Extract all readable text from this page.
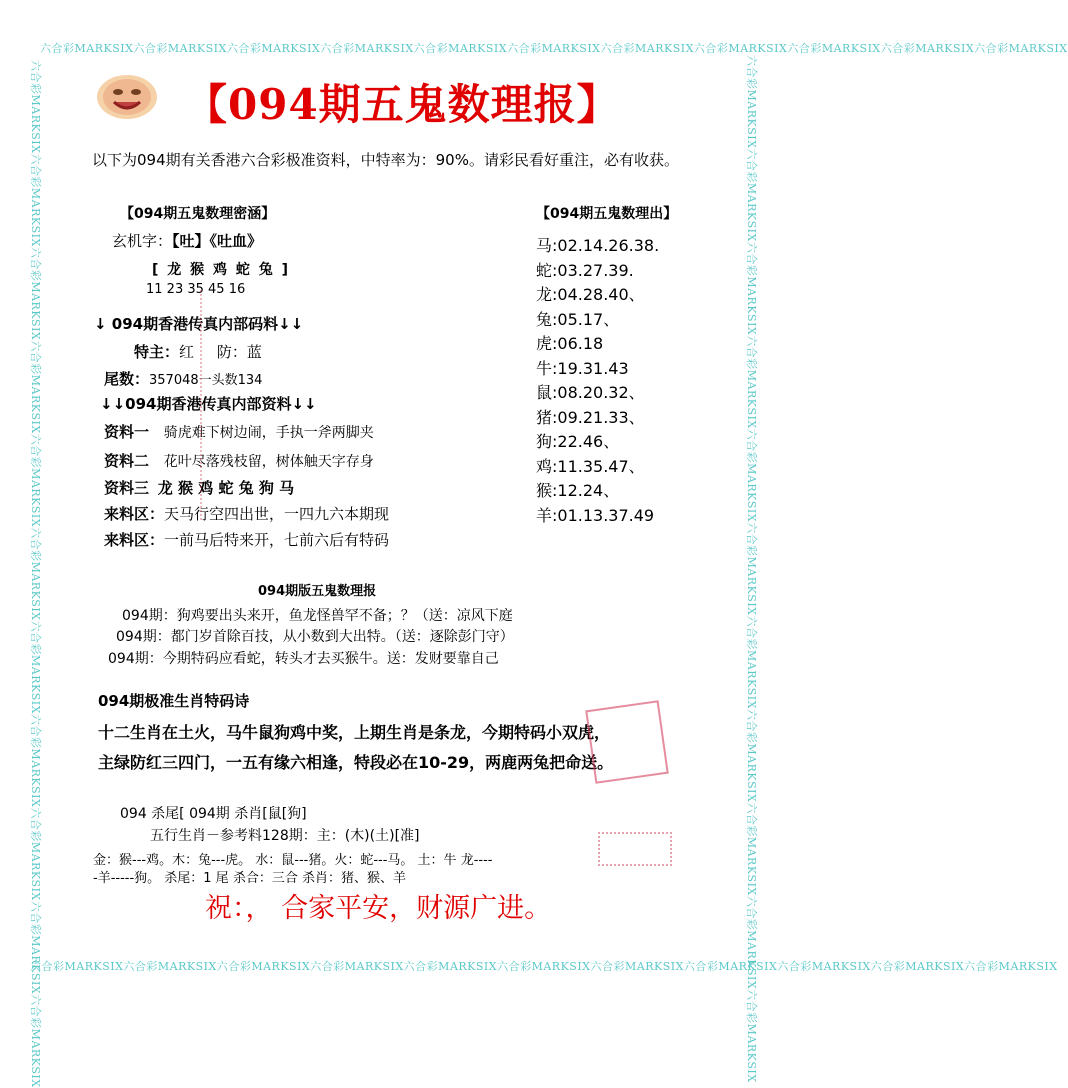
六合彩MARKSIX六合彩MARKSIX六合彩MARKSIX六合彩MARKSIX六合彩MARKSIX六合彩MARKSIX六合彩MARKSIX六合彩MARKSIX六合彩MARKSIX六合彩MARKSIX六合彩MARKSIX
六合彩MARKSIX六合彩MARKSIX六合彩MARKSIX六合彩MARKSIX六合彩MARKSIX六合彩MARKSIX六合彩MARKSIX六合彩MARKSIX六合彩MARKSIX六合彩MARKSIX六合彩MARKSIX
六合彩MARKSIX六合彩MARKSIX六合彩MARKSIX六合彩MARKSIX六合彩MARKSIX六合彩MARKSIX六合彩MARKSIX六合彩MARKSIX六合彩MARKSIX六合彩MARKSIX六合彩MARKSIX	六合彩MARKSIX六合彩MARKSIX六合彩MARKSIX六合彩MARKSIX六合彩MARKSIX六合彩MARKSIX六合彩MARKSIX六合彩MARKSIX六合彩MARKSIX六合彩MARKSIX六合彩MARKSIX
【094期五鬼数理报】
以下为094期有关香港六合彩极准资料，中特率为：90%。请彩民看好重注，必有收获。
【094期五鬼数理密涵】
玄机字：【吐】《吐血》
[ 龙 猴 鸡 蛇 兔 ]
11 23 35 45 16
↓ 094期香港传真内部码料↓↓
特主：红 防：蓝
尾数：357048一头数134
↓↓094期香港传真内部资料↓↓
资料一 骑虎难下树边闹，手执一斧两脚夹
资料二 花叶尽落残枝留，树体触天字存身
资料三 龙 猴 鸡 蛇 兔 狗 马
来料区：天马行空四出世，一四九六本期现
来料区：一前马后特来开，七前六后有特码
【094期五鬼数理出】
马:02.14.26.38.
蛇:03.27.39.
龙:04.28.40、
兔:05.17、
虎:06.18
牛:19.31.43
鼠:08.20.32、
猪:09.21.33、
狗:22.46、
鸡:11.35.47、
猴:12.24、
羊:01.13.37.49
094期版五鬼数理报
094期：狗鸡要出头来开，鱼龙怪兽罕不备；？（送：凉风下庭
094期：都门岁首除百技，从小数到大出特。（送：逐除彭门守）
094期：今期特码应看蛇，转头才去买猴牛。送：发财要靠自己
094期极准生肖特码诗
十二生肖在土火，马牛鼠狗鸡中奖，上期生肖是条龙，今期特码小双虎，
主绿防红三四门，一五有缘六相逢，特段必在10-29，两鹿两兔把命送。
094 杀尾[ 094期 杀肖[鼠[狗]
五行生肖－参考料128期：主：(木)(土)[准]
金：猴---鸡。木：兔---虎。 水：鼠---猪。火：蛇---马。 土：牛 龙----
-羊-----狗。 杀尾：1 尾 杀合：三合 杀肖：猪、猴、羊
祝：， 合家平安，财源广进。
